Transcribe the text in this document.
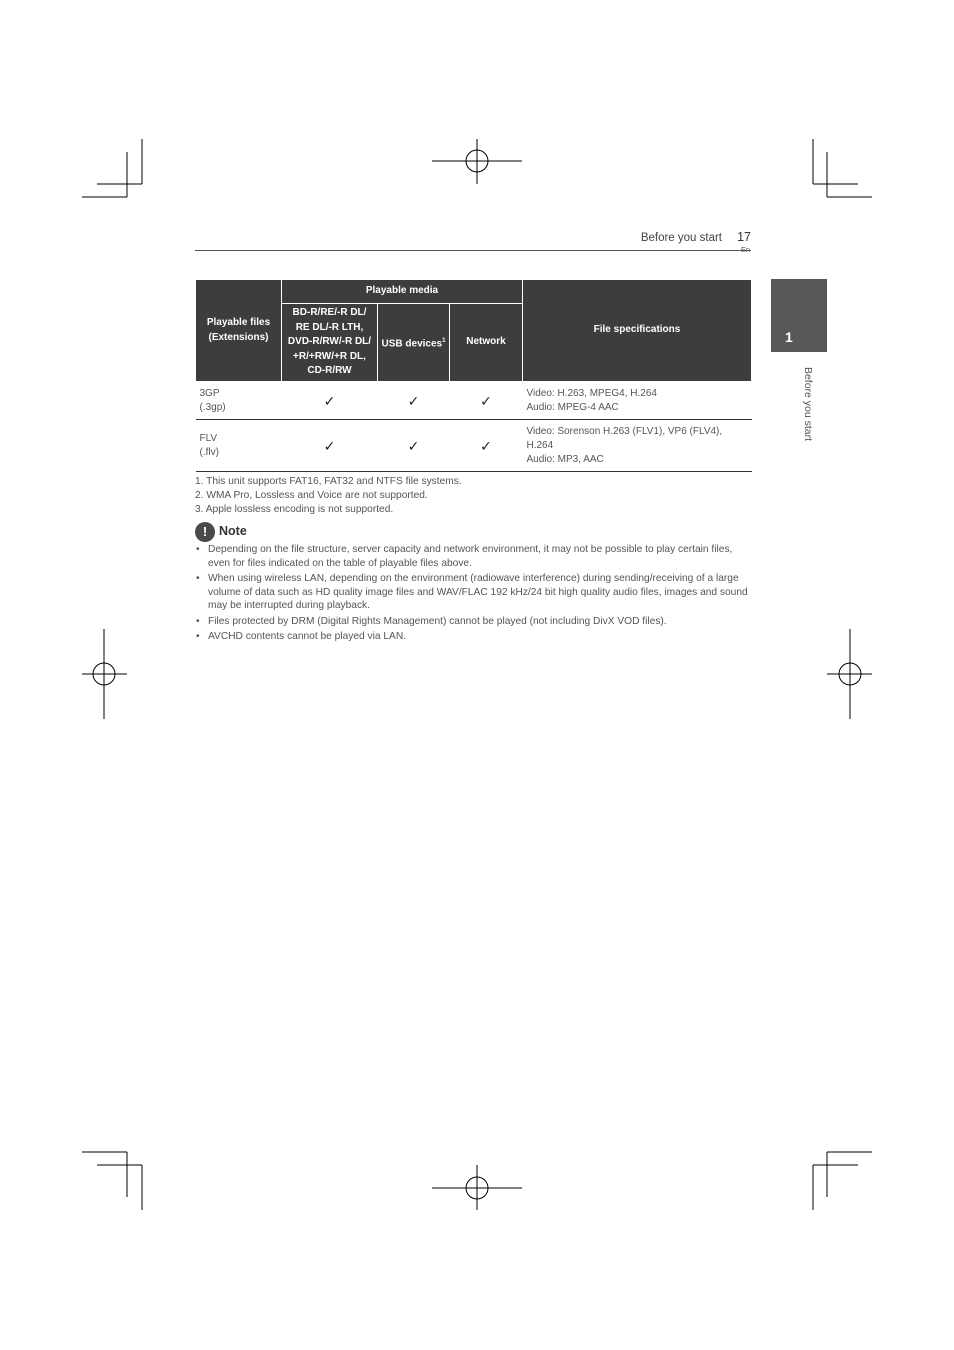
Before you start 17
En
1
Before you start
Playable files (Extensions)	Playable media			File specifications
	BD-R/RE/-R DL/ RE DL/-R LTH, DVD-R/RW/-R DL/ +R/+RW/+R DL, CD-R/RW	USB devices$^1$	Network	
3GP
(.3gp)	✓	✓	✓	Video: H.263, MPEG4, H.264
Audio: MPEG-4 AAC
FLV
(.flv)	✓	✓	✓	Video: Sorenson H.263 (FLV1), VP6 (FLV4), H.264
Audio: MP3, AAC
1. This unit supports FAT16, FAT32 and NTFS file systems.
2. WMA Pro, Lossless and Voice are not supported.
3. Apple lossless encoding is not supported.
! Note
• Depending on the file structure, server capacity and network environment, it may not be possible to play certain files, even for files indicated on the table of playable files above.
• When using wireless LAN, depending on the environment (radiowave interference) during sending/receiving of a large volume of data such as HD quality image files and WAV/FLAC 192 kHz/24 bit high quality audio files, images and sound may be interrupted during playback.
• Files protected by DRM (Digital Rights Management) cannot be played (not including DivX VOD files).
• AVCHD contents cannot be played via LAN.
